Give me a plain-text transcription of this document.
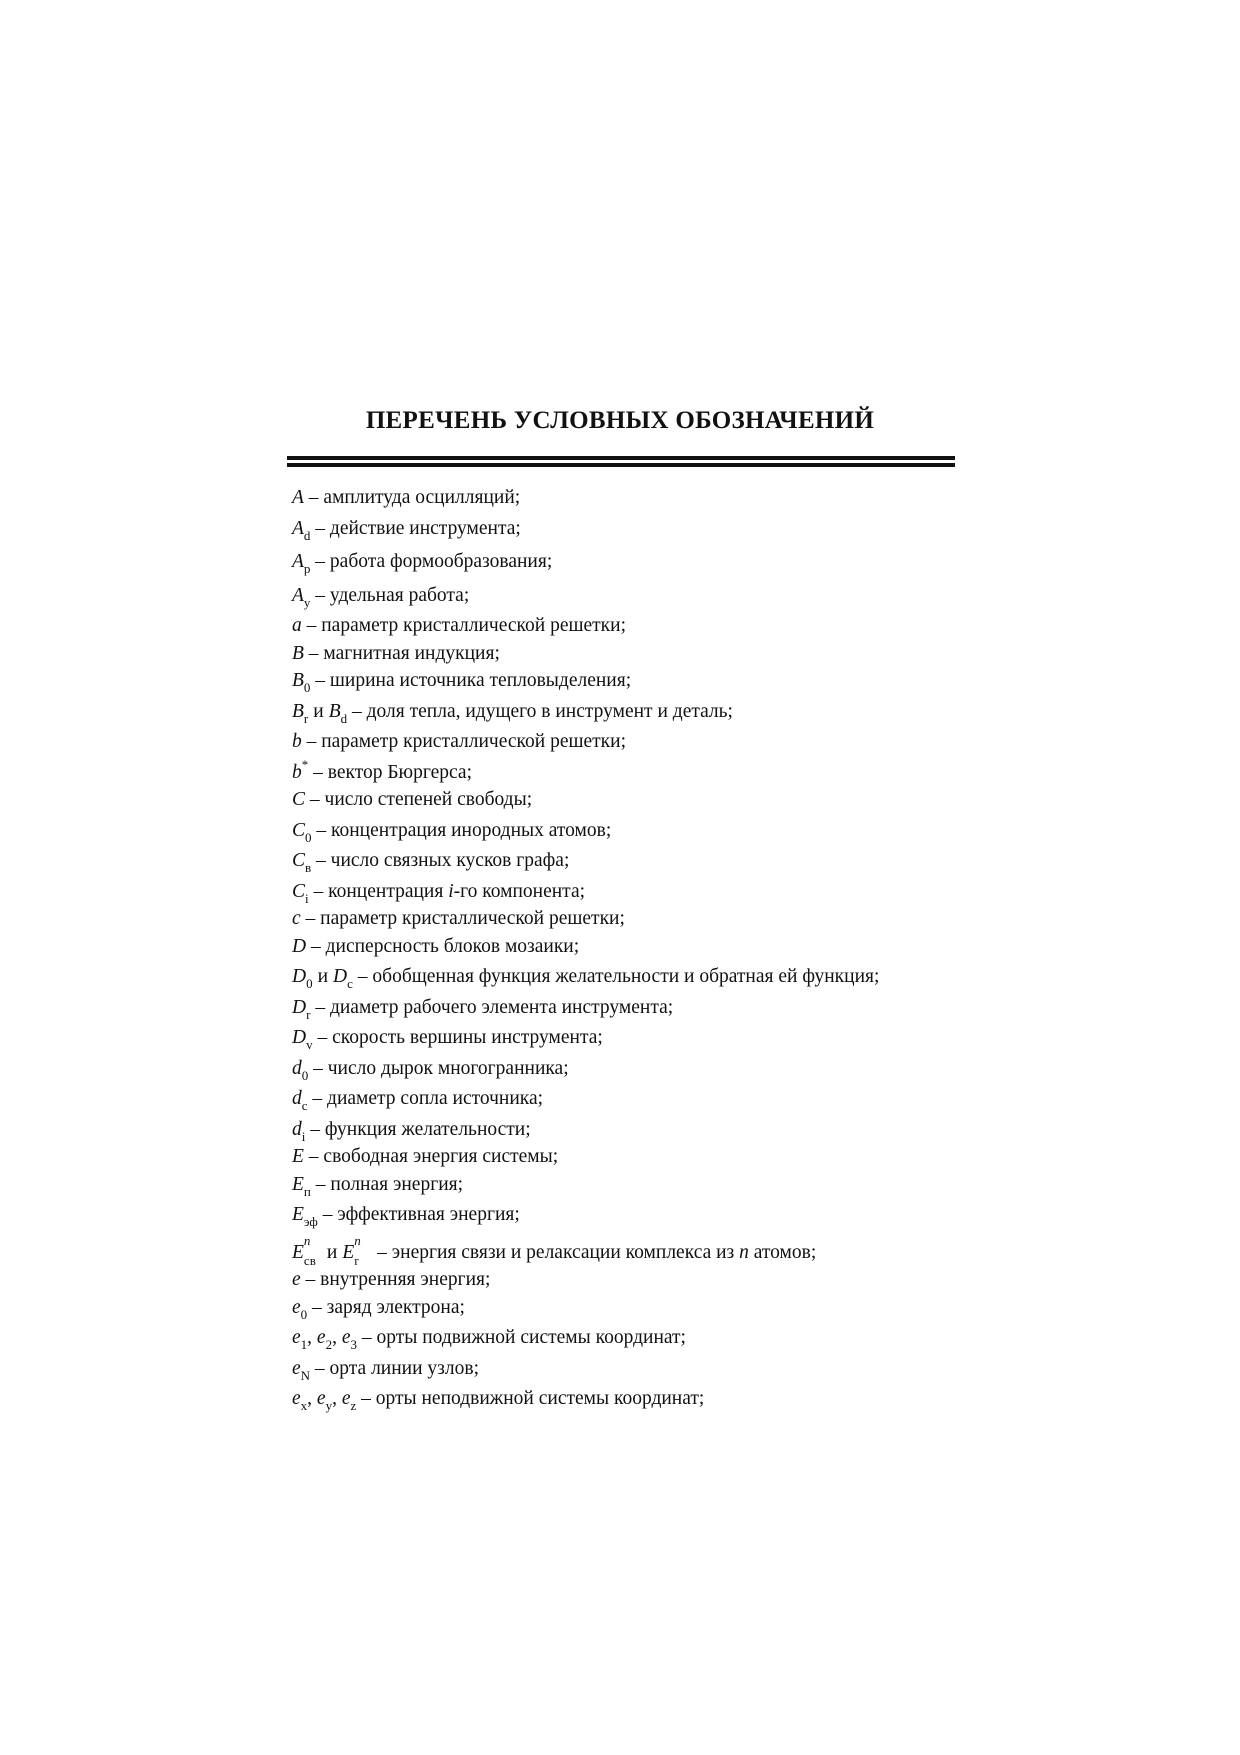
ПЕРЕЧЕНЬ УСЛОВНЫХ ОБОЗНАЧЕНИЙ
A – амплитуда осцилляций;
$A_d$ – действие инструмента;
$A_p$ – работа формообразования;
$A_y$ – удельная работа;
a – параметр кристаллической решетки;
B – магнитная индукция;
$B_0$ – ширина источника тепловыделения;
$B_r$ и $B_d$ – доля тепла, идущего в инструмент и деталь;
b – параметр кристаллической решетки;
b* – вектор Бюргерса;
C – число степеней свободы;
$C_0$ – концентрация инородных атомов;
$C_в$ – число связных кусков графа;
$C_i$ – концентрация i-го компонента;
c – параметр кристаллической решетки;
D – дисперсность блоков мозаики;
$D_0$ и $D_c$ – обобщенная функция желательности и обратная ей функция;
$D_r$ – диаметр рабочего элемента инструмента;
$D_v$ – скорость вершины инструмента;
$d_0$ – число дырок многогранника;
$d_c$ – диаметр сопла источника;
$d_i$ – функция желательности;
E – свободная энергия системы;
$E_п$ – полная энергия;
$E_{эф}$ – эффективная энергия;
E
n
св и E
n
r – энергия связи и релаксации комплекса из n атомов;
e – внутренняя энергия;
$e_0$ – заряд электрона;
$e_1$, $e_2$, $e_3$ – орты подвижной системы координат;
$e_N$ – орта линии узлов;
$e_x$, $e_y$, $e_z$ – орты неподвижной системы координат;
